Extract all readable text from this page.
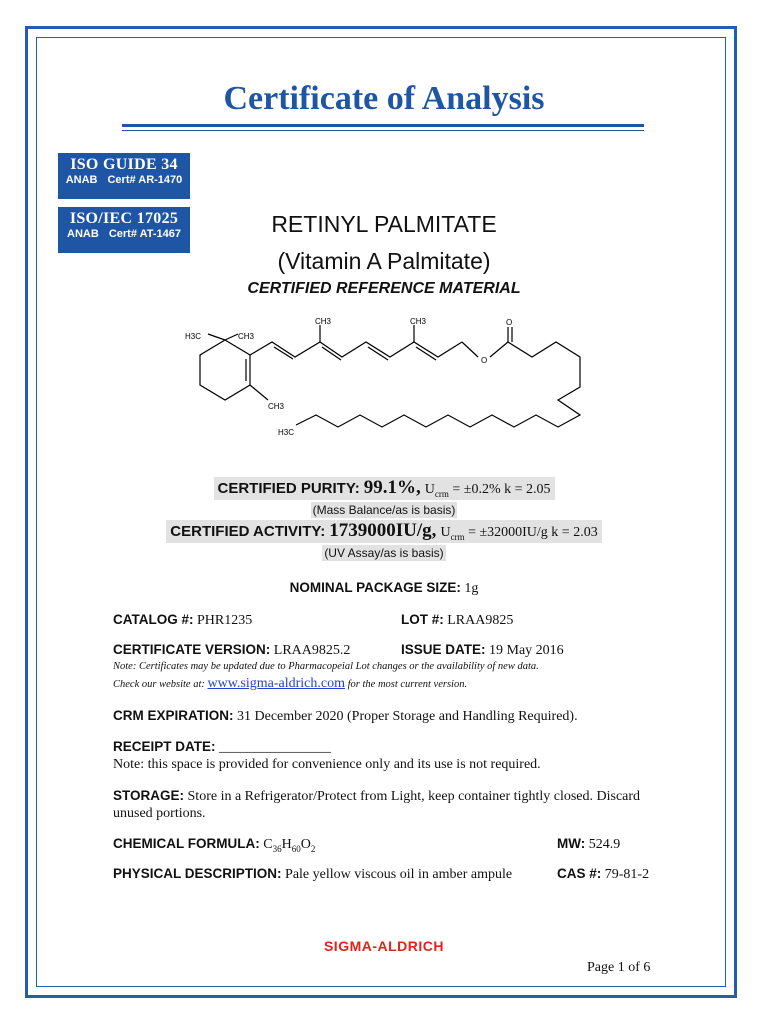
Certificate of Analysis
ISO GUIDE 34
ANAB Cert# AR-1470
ISO/IEC 17025
ANAB Cert# AT-1467	RETINYL PALMITATE
(Vitamin A Palmitate)
CERTIFIED REFERENCE MATERIAL
H3C	CH3
CH3	CH3	O
O
CH3
H3C
CERTIFIED PURITY: 99.1%, $U_{crm} = \pm 0.2\%$ k = 2.05
(Mass Balance/as is basis)
CERTIFIED ACTIVITY: 1739000IU/g, $U_{crm} = \pm 32000IU/g$ k = 2.03
(UV Assay/as is basis)
NOMINAL PACKAGE SIZE: 1g
CATALOG #: PHR1235	LOT #: LRAA9825
CERTIFICATE VERSION: LRAA9825.2	ISSUE DATE: 19 May 2016
Note: Certificates may be updated due to Pharmacopeial Lot changes or the availability of new data.
Check our website at: www.sigma-aldrich.com for the most current version.
CRM EXPIRATION: 31 December 2020 (Proper Storage and Handling Required).
RECEIPT DATE: ________________
Note: this space is provided for convenience only and its use is not required.
STORAGE: Store in a Refrigerator/Protect from Light, keep container tightly closed. Discard unused portions.
CHEMICAL FORMULA: $C_{36}H_{60}O_2$	MW: 524.9
PHYSICAL DESCRIPTION: Pale yellow viscous oil in amber ampule	CAS #: 79-81-2
SIGMA-ALDRICH
Page 1 of 6
